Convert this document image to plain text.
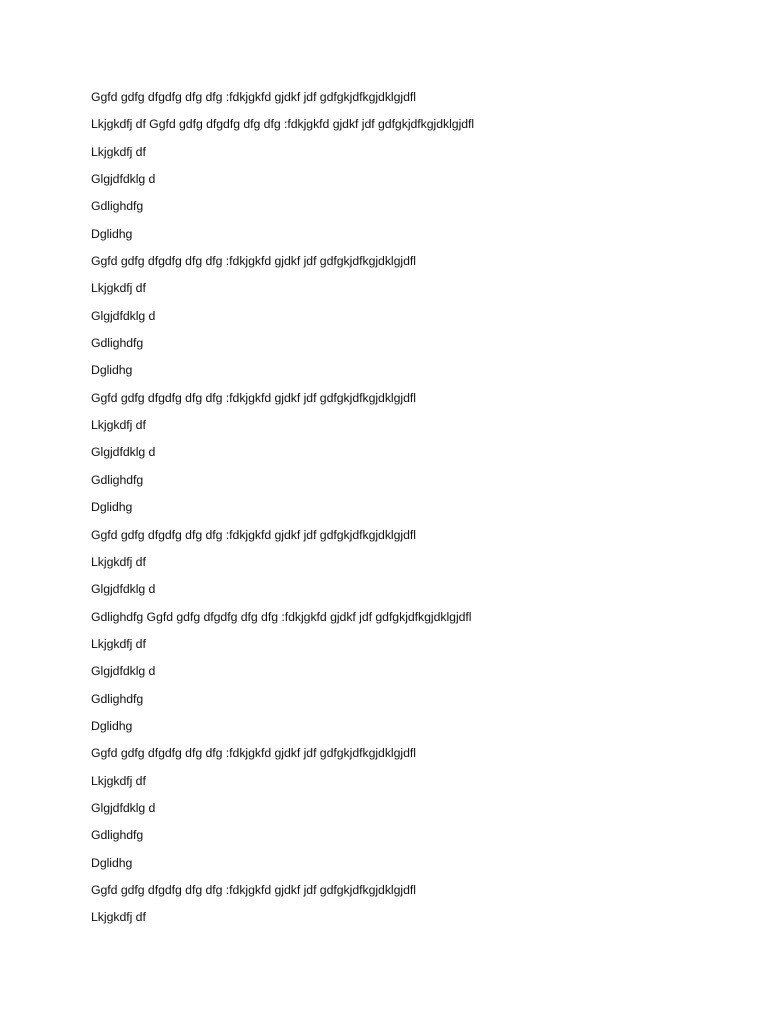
Ggfd gdfg dfgdfg dfg dfg :fdkjgkfd gjdkf jdf gdfgkjdfkgjdklgjdfl
Lkjgkdfj df Ggfd gdfg dfgdfg dfg dfg :fdkjgkfd gjdkf jdf gdfgkjdfkgjdklgjdfl
Lkjgkdfj df
Glgjdfdklg d
Gdlighdfg
Dglidhg
Ggfd gdfg dfgdfg dfg dfg :fdkjgkfd gjdkf jdf gdfgkjdfkgjdklgjdfl
Lkjgkdfj df
Glgjdfdklg d
Gdlighdfg
Dglidhg
Ggfd gdfg dfgdfg dfg dfg :fdkjgkfd gjdkf jdf gdfgkjdfkgjdklgjdfl
Lkjgkdfj df
Glgjdfdklg d
Gdlighdfg
Dglidhg
Ggfd gdfg dfgdfg dfg dfg :fdkjgkfd gjdkf jdf gdfgkjdfkgjdklgjdfl
Lkjgkdfj df
Glgjdfdklg d
Gdlighdfg Ggfd gdfg dfgdfg dfg dfg :fdkjgkfd gjdkf jdf gdfgkjdfkgjdklgjdfl
Lkjgkdfj df
Glgjdfdklg d
Gdlighdfg
Dglidhg
Ggfd gdfg dfgdfg dfg dfg :fdkjgkfd gjdkf jdf gdfgkjdfkgjdklgjdfl
Lkjgkdfj df
Glgjdfdklg d
Gdlighdfg
Dglidhg
Ggfd gdfg dfgdfg dfg dfg :fdkjgkfd gjdkf jdf gdfgkjdfkgjdklgjdfl
Lkjgkdfj df
